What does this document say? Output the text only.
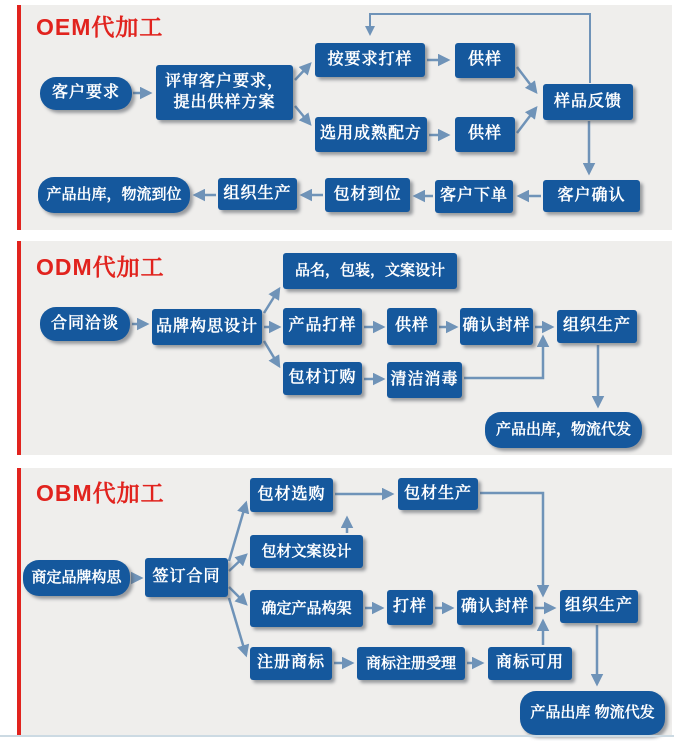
OEM代加工
ODM代加工
OBM代加工
客户要求
评审客户要求，提出供样方案
按要求打样	供样
选用成熟配方	供样
样品反馈
客户确认
客户下单
包材到位
组织生产
产品出库，物流到位
合同洽谈	品牌构思设计
品名，包装，文案设计
产品打样	供样	确认封样	组织生产
包材订购	清洁消毒
产品出库，物流代发
商定品牌构思	签订合同
包材选购
包材文案设计
确定产品构架
注册商标
包材生产
打样	确认封样	组织生产
商标注册受理	商标可用
产品出库 物流代发
